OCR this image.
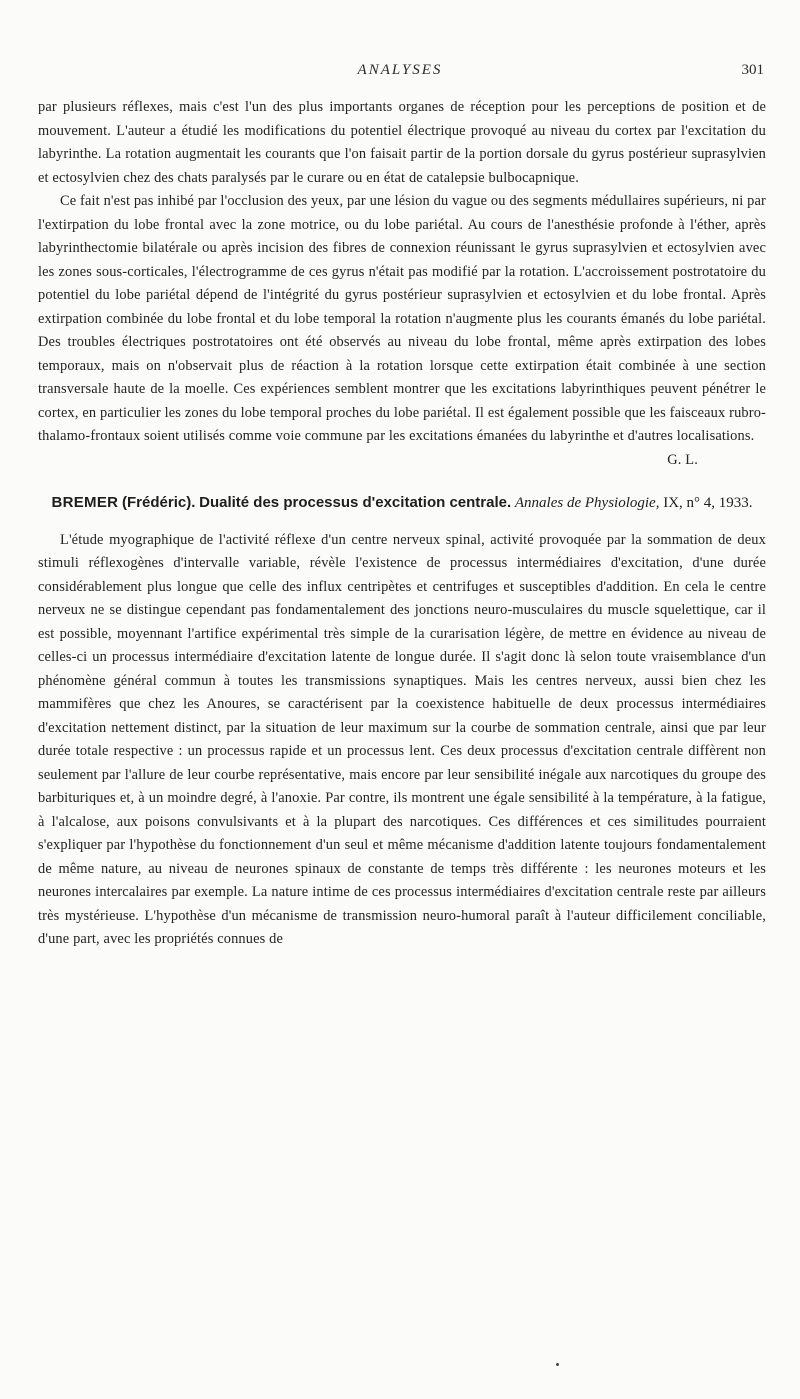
ANALYSES	301

par plusieurs réflexes, mais c'est l'un des plus importants organes de réception pour les perceptions de position et de mouvement. L'auteur a étudié les modifications du potentiel électrique provoqué au niveau du cortex par l'excitation du labyrinthe. La rotation augmentait les courants que l'on faisait partir de la portion dorsale du gyrus postérieur suprasylvien et ectosylvien chez des chats paralysés par le curare ou en état de catalepsie bulbocapnique.

Ce fait n'est pas inhibé par l'occlusion des yeux, par une lésion du vague ou des segments médullaires supérieurs, ni par l'extirpation du lobe frontal avec la zone motrice, ou du lobe pariétal. Au cours de l'anesthésie profonde à l'éther, après labyrinthectomie bilatérale ou après incision des fibres de connexion réunissant le gyrus suprasylvien et ectosylvien avec les zones sous-corticales, l'électrogramme de ces gyrus n'était pas modifié par la rotation. L'accroissement postrotatoire du potentiel du lobe pariétal dépend de l'intégrité du gyrus postérieur suprasylvien et ectosylvien et du lobe frontal. Après extirpation combinée du lobe frontal et du lobe temporal la rotation n'augmente plus les courants émanés du lobe pariétal. Des troubles électriques postrotatoires ont été observés au niveau du lobe frontal, même après extirpation des lobes temporaux, mais on n'observait plus de réaction à la rotation lorsque cette extirpation était combinée à une section transversale haute de la moelle. Ces expériences semblent montrer que les excitations labyrinthiques peuvent pénétrer le cortex, en particulier les zones du lobe temporal proches du lobe pariétal. Il est également possible que les faisceaux rubro-thalamo-frontaux soient utilisés comme voie commune par les excitations émanées du labyrinthe et d'autres localisations.
G. L.

BREMER (Frédéric). Dualité des processus d'excitation centrale. Annales de Physiologie, IX, n° 4, 1933.

L'étude myographique de l'activité réflexe d'un centre nerveux spinal, activité provoquée par la sommation de deux stimuli réflexogènes d'intervalle variable, révèle l'existence de processus intermédiaires d'excitation, d'une durée considérablement plus longue que celle des influx centripètes et centrifuges et susceptibles d'addition. En cela le centre nerveux ne se distingue cependant pas fondamentalement des jonctions neuro-musculaires du muscle squelettique, car il est possible, moyennant l'artifice expérimental très simple de la curarisation légère, de mettre en évidence au niveau de celles-ci un processus intermédiaire d'excitation latente de longue durée. Il s'agit donc là selon toute vraisemblance d'un phénomène général commun à toutes les transmissions synaptiques. Mais les centres nerveux, aussi bien chez les mammifères que chez les Anoures, se caractérisent par la coexistence habituelle de deux processus intermédiaires d'excitation nettement distinct, par la situation de leur maximum sur la courbe de sommation centrale, ainsi que par leur durée totale respective : un processus rapide et un processus lent. Ces deux processus d'excitation centrale diffèrent non seulement par l'allure de leur courbe représentative, mais encore par leur sensibilité inégale aux narcotiques du groupe des barbituriques et, à un moindre degré, à l'anoxie. Par contre, ils montrent une égale sensibilité à la température, à la fatigue, à l'alcalose, aux poisons convulsivants et à la plupart des narcotiques. Ces différences et ces similitudes pourraient s'expliquer par l'hypothèse du fonctionnement d'un seul et même mécanisme d'addition latente toujours fondamentalement de même nature, au niveau de neurones spinaux de constante de temps très différente : les neurones moteurs et les neurones intercalaires par exemple. La nature intime de ces processus intermédiaires d'excitation centrale reste par ailleurs très mystérieuse. L'hypothèse d'un mécanisme de transmission neuro-humoral paraît à l'auteur difficilement conciliable, d'une part, avec les propriétés connues de
